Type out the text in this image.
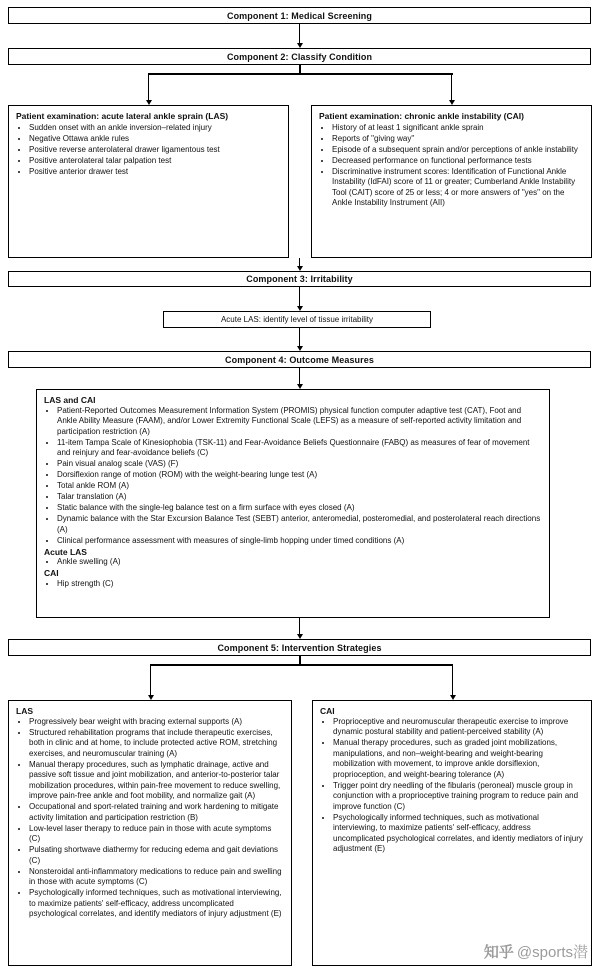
Component 1: Medical Screening
Component 2: Classify Condition
Patient examination: acute lateral ankle sprain (LAS)
• Sudden onset with an ankle inversion–related injury
• Negative Ottawa ankle rules
• Positive reverse anterolateral drawer ligamentous test
• Positive anterolateral talar palpation test
• Positive anterior drawer test
Patient examination: chronic ankle instability (CAI)
• History of at least 1 significant ankle sprain
• Reports of "giving way"
• Episode of a subsequent sprain and/or perceptions of ankle instability
• Decreased performance on functional performance tests
• Discriminative instrument scores: Identification of Functional Ankle Instability (IdFAI) score of 11 or greater; Cumberland Ankle Instability Tool (CAIT) score of 25 or less; 4 or more answers of "yes" on the Ankle Instability Instrument (AII)
Component 3: Irritability
Acute LAS: identify level of tissue irritability
Component 4: Outcome Measures
LAS and CAI
• Patient-Reported Outcomes Measurement Information System (PROMIS) physical function computer adaptive test (CAT), Foot and Ankle Ability Measure (FAAM), and/or Lower Extremity Functional Scale (LEFS) as a measure of self-reported activity limitation and participation restriction (A)
• 11-item Tampa Scale of Kinesiophobia (TSK-11) and Fear-Avoidance Beliefs Questionnaire (FABQ) as measures of fear of movement and reinjury and fear-avoidance beliefs (C)
• Pain visual analog scale (VAS) (F)
• Dorsiflexion range of motion (ROM) with the weight-bearing lunge test (A)
• Total ankle ROM (A)
• Talar translation (A)
• Static balance with the single-leg balance test on a firm surface with eyes closed (A)
• Dynamic balance with the Star Excursion Balance Test (SEBT) anterior, anteromedial, posteromedial, and posterolateral reach directions (A)
• Clinical performance assessment with measures of single-limb hopping under timed conditions (A)
Acute LAS
• Ankle swelling (A)
CAI
• Hip strength (C)
Component 5: Intervention Strategies
LAS
• Progressively bear weight with bracing external supports (A)
• Structured rehabilitation programs that include therapeutic exercises, both in clinic and at home, to include protected active ROM, stretching exercises, and neuromuscular training (A)
• Manual therapy procedures, such as lymphatic drainage, active and passive soft tissue and joint mobilization, and anterior-to-posterior talar mobilization procedures, within pain-free movement to reduce swelling, improve pain-free ankle and foot mobility, and normalize gait (A)
• Occupational and sport-related training and work hardening to mitigate activity limitation and participation restriction (B)
• Low-level laser therapy to reduce pain in those with acute symptoms (C)
• Pulsating shortwave diathermy for reducing edema and gait deviations (C)
• Nonsteroidal anti-inflammatory medications to reduce pain and swelling in those with acute symptoms (C)
• Psychologically informed techniques, such as motivational interviewing, to maximize patients' self-efficacy, address uncomplicated psychological correlates, and identify mediators of injury adjustment (E)
CAI
• Proprioceptive and neuromuscular therapeutic exercise to improve dynamic postural stability and patient-perceived stability (A)
• Manual therapy procedures, such as graded joint mobilizations, manipulations, and non–weight-bearing and weight-bearing mobilization with movement, to improve ankle dorsiflexion, proprioception, and weight-bearing tolerance (A)
• Trigger point dry needling of the fibularis (peroneal) muscle group in conjunction with a proprioceptive training program to reduce pain and improve function (C)
• Psychologically informed techniques, such as motivational interviewing, to maximize patients' self-efficacy, address uncomplicated psychological correlates, and identiy mediators of injury adjustment (E)
知乎 @sports潜
